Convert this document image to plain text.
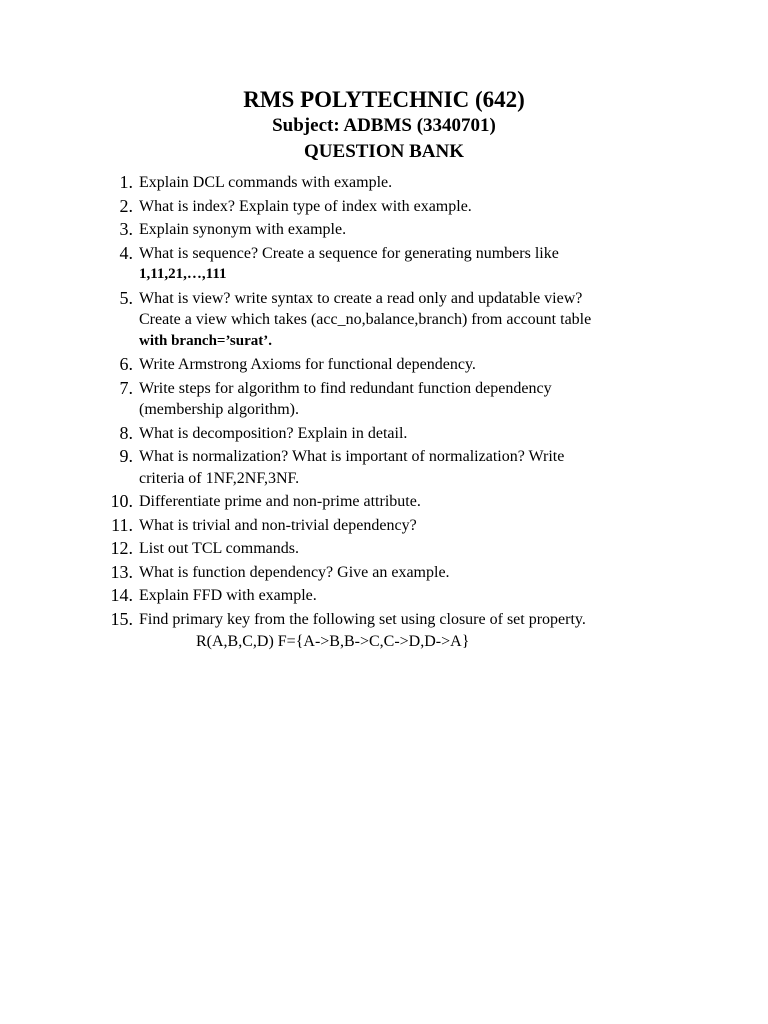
RMS POLYTECHNIC (642)
Subject: ADBMS (3340701)
QUESTION BANK
1. Explain DCL commands with example.
2. What is index? Explain type of index with example.
3. Explain synonym with example.
4. What is sequence? Create a sequence for generating numbers like
1,11,21,…,111
5. What is view? write syntax to create a read only and updatable view?
Create a view which takes (acc_no,balance,branch) from account table
with branch=’surat’.
6. Write Armstrong Axioms for functional dependency.
7. Write steps for algorithm to find redundant function dependency
(membership algorithm).
8. What is decomposition? Explain in detail.
9. What is normalization? What is important of normalization? Write
criteria of 1NF,2NF,3NF.
10. Differentiate prime and non-prime attribute.
11. What is trivial and non-trivial dependency?
12. List out TCL commands.
13. What is function dependency? Give an example.
14. Explain FFD with example.
15. Find primary key from the following set using closure of set property.
R(A,B,C,D) F={A->B,B->C,C->D,D->A}
